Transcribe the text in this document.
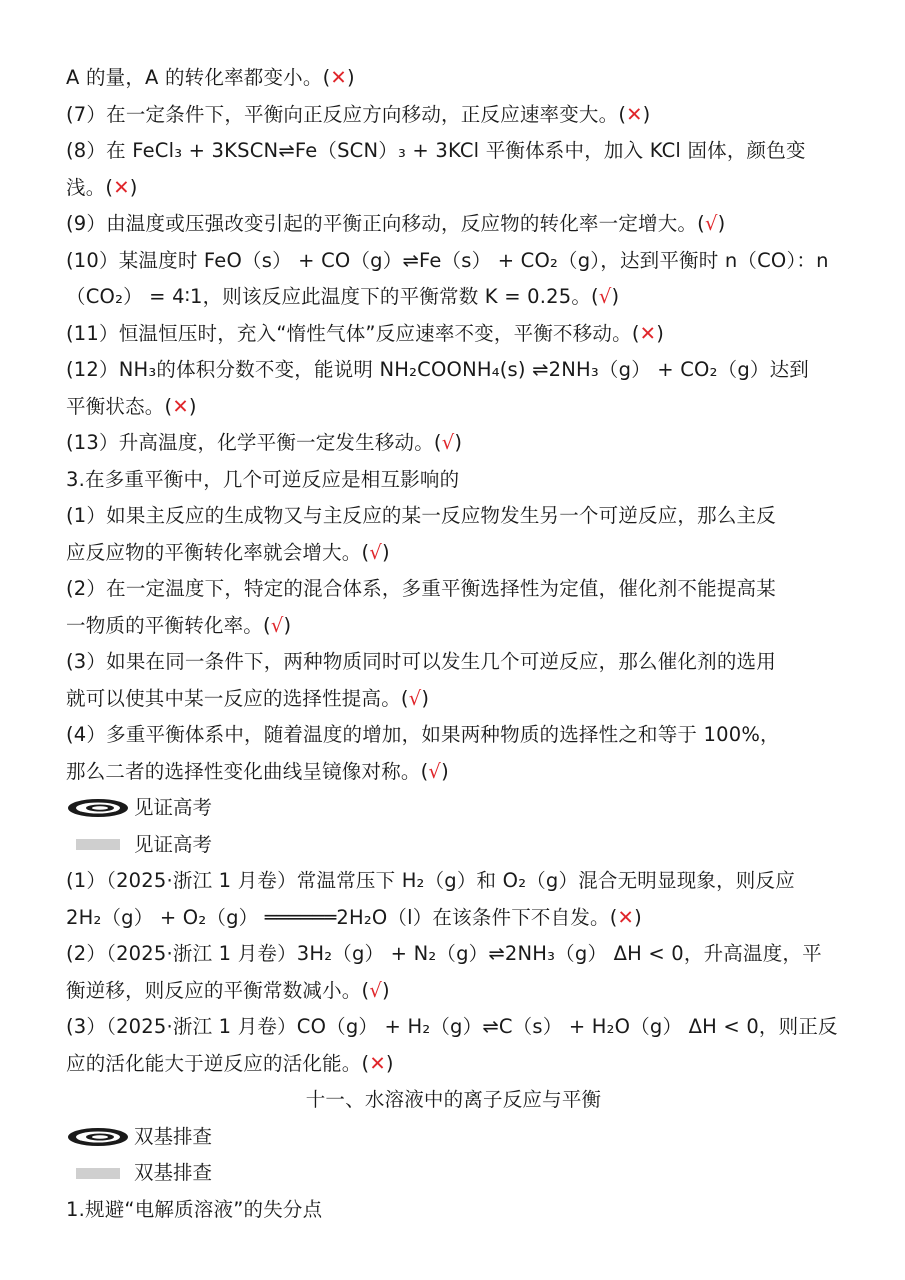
A 的量，A 的转化率都变小。(✕)
(7）在一定条件下，平衡向正反应方向移动，正反应速率变大。(✕)
(8）在 FeCl₃ + 3KSCN⇌Fe（SCN）₃ + 3KCl 平衡体系中，加入 KCl 固体，颜色变
浅。(✕)
(9）由温度或压强改变引起的平衡正向移动，反应物的转化率一定增大。(√)
(10）某温度时 FeO（s） + CO（g）⇌Fe（s） + CO₂（g），达到平衡时 n（CO）：n
（CO₂） = 4∶1，则该反应此温度下的平衡常数 K = 0.25。(√)
(11）恒温恒压时，充入“惰性气体”反应速率不变，平衡不移动。(✕)
(12）NH₃的体积分数不变，能说明 NH₂COONH₄(s) ⇌2NH₃（g） + CO₂（g）达到
平衡状态。(✕)
(13）升高温度，化学平衡一定发生移动。(√)
3.在多重平衡中，几个可逆反应是相互影响的
(1）如果主反应的生成物又与主反应的某一反应物发生另一个可逆反应，那么主反
应反应物的平衡转化率就会增大。(√)
(2）在一定温度下，特定的混合体系，多重平衡选择性为定值，催化剂不能提高某
一物质的平衡转化率。(√)
(3）如果在同一条件下，两种物质同时可以发生几个可逆反应，那么催化剂的选用
就可以使其中某一反应的选择性提高。(√)
(4）多重平衡体系中，随着温度的增加，如果两种物质的选择性之和等于 100%，
那么二者的选择性变化曲线呈镜像对称。(√)
见证高考
见证高考
(1）（2025·浙江 1 月卷）常温常压下 H₂（g）和 O₂（g）混合无明显现象，则反应
2H₂（g） + O₂（g） ══════2H₂O（l）在该条件下不自发。(✕)
(2）（2025·浙江 1 月卷）3H₂（g） + N₂（g）⇌2NH₃（g） ΔH < 0，升高温度，平
衡逆移，则反应的平衡常数减小。(√)
(3）（2025·浙江 1 月卷）CO（g） + H₂（g）⇌C（s） + H₂O（g） ΔH < 0，则正反
应的活化能大于逆反应的活化能。(✕)
十一、水溶液中的离子反应与平衡
双基排查
双基排查
1.规避“电解质溶液”的失分点
